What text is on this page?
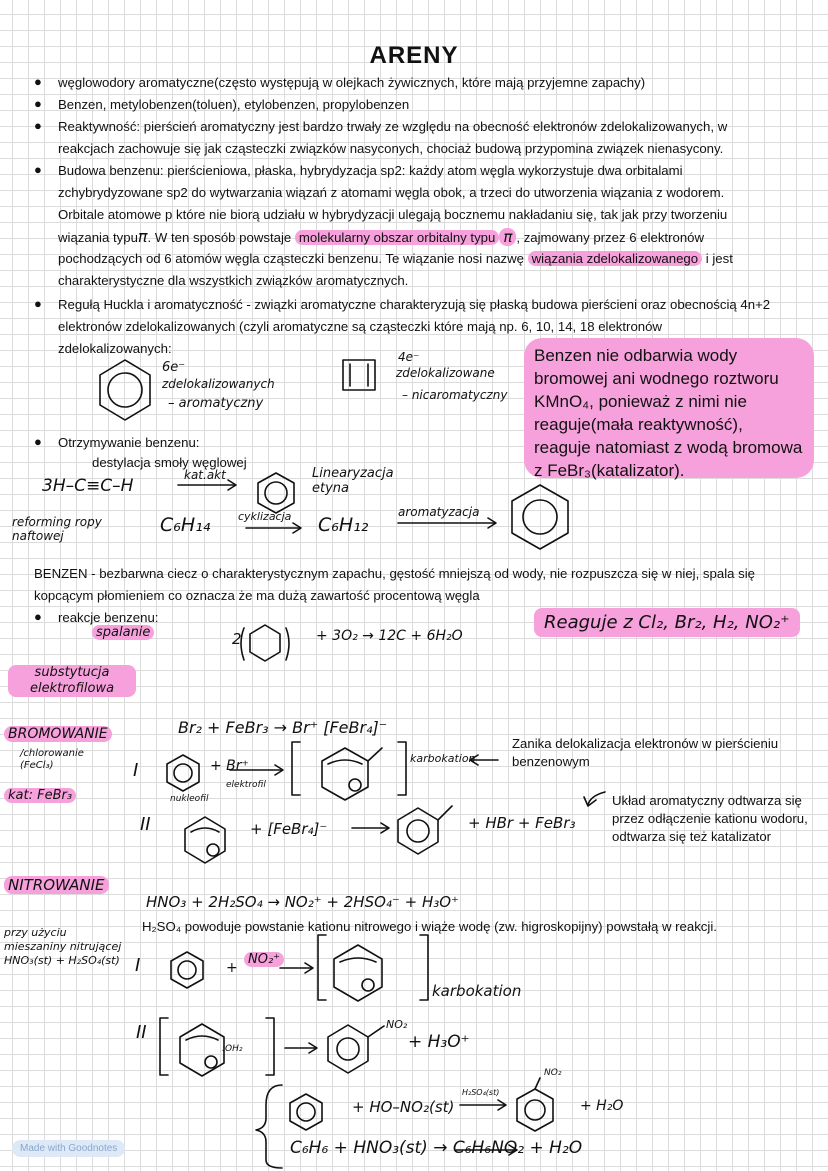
ARENY
● węglowodory aromatyczne(często występują w olejkach żywicznych, które mają przyjemne zapachy)
● Benzen, metylobenzen(toluen), etylobenzen, propylobenzen
● Reaktywność: pierścień aromatyczny jest bardzo trwały ze względu na obecność elektronów zdelokalizowanych, w
reakcjach zachowuje się jak cząsteczki związków nasyconych, chociaż budową przypomina związek nienasycony.
● Budowa benzenu: pierścieniowa, płaska, hybrydyzacja sp2: każdy atom węgla wykorzystuje dwa orbitalami
zchybrydyzowane sp2 do wytwarzania wiązań z atomami węgla obok, a trzeci do utworzenia wiązania z wodorem.
Orbitale atomowe p które nie biorą udziału w hybrydyzacji ulegają bocznemu nakładaniu się, tak jak przy tworzeniu
wiązania typuπ. W ten sposób powstaje molekularny obszar orbitalny typu π , zajmowany przez 6 elektronów
pochodzących od 6 atomów węgla cząsteczki benzenu. Te wiązanie nosi nazwę wiązania zdelokalizowanego i jest
charakterystyczne dla wszystkich związków aromatycznych.
● Regułą Huckla i aromatyczność - związki aromatyczne charakteryzują się płaską budowa pierścieni oraz obecnością 4n+2
elektronów zdelokalizowanych (czyli aromatyczne są cząsteczki które mają np. 6, 10, 14, 18 elektronów
zdelokalizowanych:
6e⁻
zdelokalizowanych
– aromatyczny
4e⁻
zdelokalizowane
– nicaromatyczny
Benzen nie odbarwia wody bromowej ani wodnego roztworu KMnO₄, ponieważ z nimi nie reaguje(mała reaktywność), reaguje natomiast z wodą bromowa z FeBr₃(katalizator).
● Otrzymywanie benzenu:
destylacja smoły węglowej
3H–C≡C–H
kat.akt	Linearyzacja etyna
reforming ropy naftowej	C₆H₁₄	cyklizacja C₆H₁₂
aromatyzacja
BENZEN - bezbarwna ciecz o charakterystycznym zapachu, gęstość mniejszą od wody, nie rozpuszcza się w niej, spala się
kopcącym płomieniem co oznacza że ma dużą zawartość procentową węgla
● reakcje benzenu:
spalanie	2	+ 3O₂ → 12C + 6H₂O
Reaguje z Cl₂, Br₂, H₂, NO₂⁺
substytucja elektrofilowa
BROMOWANIE
/chlorowanie (FeCl₃)
kat: FeBr₃
Br₂ + FeBr₃ → Br⁺ [FeBr₄]⁻
I
nukleofil
+ Br⁺
elektrofil
karbokation
Zanika delokalizacja elektronów w pierścieniu benzenowym
II	+ [FeBr₄]⁻	+ HBr + FeBr₃
Układ aromatyczny odtwarza się przez odłączenie kationu wodoru, odtwarza się też katalizator
NITROWANIE
HNO₃ + 2H₂SO₄ → NO₂⁺ + 2HSO₄⁻ + H₃O⁺
H₂SO₄ powoduje powstanie kationu nitrowego i wiąże wodę (zw. higroskopijny) powstałą w reakcji.
przy użyciu mieszaniny nitrującej HNO₃(st) + H₂SO₄(st) I	+
NO₂⁺
karbokation
II
:OH₂
NO₂
+ H₃O⁺
+ HO–NO₂(st)
H₂SO₄(st)
NO₂
+ H₂O
C₆H₆ + HNO₃(st) → C₆H₆NO₂ + H₂O
Made with Goodnotes
